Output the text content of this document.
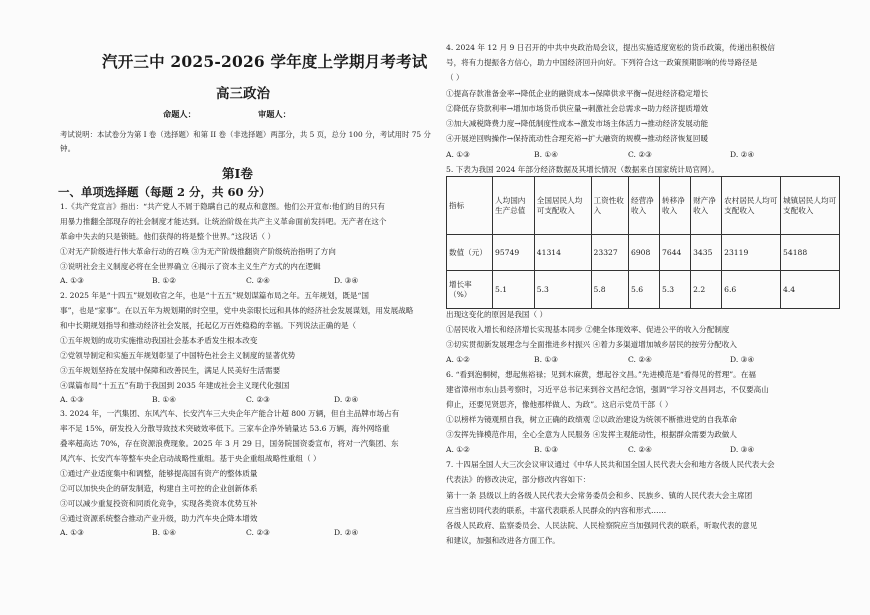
汽开三中 2025-2026 学年度上学期月考考试
高三政治
命题人：	审题人：
考试说明：本试卷分为第 I 卷（选择题）和第 II 卷（非选择题）两部分，共 5 页，总分 100 分，考试用时 75 分
钟。
第Ⅰ卷
一、单项选择题（每题 2 分，共 60 分）
1.《共产党宣言》指出：“共产党人不屑于隐瞒自己的观点和意图。他们公开宣布:他们的目的只有
用暴力推翻全部现存的社会制度才能达到。让统治阶级在共产主义革命面前发抖吧。无产者在这个
革命中失去的只是锁链。他们获得的将是整个世界。”这段话（ ）
①对无产阶级进行伟大革命行动的召唤 ③为无产阶级推翻资产阶级统治指明了方向
③说明社会主义制度必将在全世界确立 ④揭示了资本主义生产方式的内在逻辑
A. ①③	B. ①②	C. ②④	D. ③④
2. 2025 年是“十四五”规划收官之年，也是“十五五”规划谋篇布局之年。五年规划，既是“国
事”，也是“家事”。在以五年为规划期的时空里，党中央亲眼长远和具体的经济社会发展谋划，用发展战略
和中长期规划指导和推动经济社会发展，托起亿万百姓稳稳的幸福。下列说法正确的是（
①五年规划的成功实施推动我国社会基本矛盾发生根本改变
②党领导制定和实施五年规划彰显了中国特色社会主义制度的显著优势
③五年规划坚持在发展中保障和改善民生，满足人民美好生活需要
④谋篇布局“十五五”有助于我国到 2035 年建成社会主义现代化强国
A. ①③	B. ①④	C. ②③	D. ②④
3. 2024 年，一汽集团、东风汽车、长安汽车三大央企年产能合计超 800 万辆，但自主品牌市场占有
率不足 15%，研发投入分散导致技术突破效率低下。三家车企净外销量达 53.6 万辆，海外网络重
叠率超高达 70%，存在资源浪费现象。2025 年 3 月 29 日，国务院国资委宣布，将对一汽集团、东
风汽车、长安汽车等整车央企启动战略性重组。基于央企重组战略性重组（ ）
①通过产业适度集中和调整，能够提高国有资产的整体质量
②可以加快央企的研发制造，构建自主可控的企业创新体系
③可以减少重复投资和同质化竞争，实现各类资本优势互补
④通过资源系统整合推动产业升级，助力汽车央企降本增效
A. ①③	B. ①④	C. ②③	D. ②④
4. 2024 年 12 月 9 日召开的中共中央政治局会议，提出实施适度宽松的货币政策，传递出积极信
号，将有力提振各方信心，助力中国经济回升向好。下列符合这一政策预期影响的传导路径是
（ ）
①提高存款准备金率→降低企业的融资成本→保障供求平衡→促进经济稳定增长
②降低存贷款利率→增加市场货币供应量→刺激社会总需求→助力经济提质增效
③加大减税降费力度→降低制度性成本→激发市场主体活力→推动经济发展动能
④开展逆回购操作→保持流动性合理充裕→扩大融资的规模→推动经济恢复回暖
A. ①③	B. ①④	C. ②③	D. ②④
5. 下表为我国 2024 年部分经济数据及其增长情况（数据来自国家统计局官网）。
指标	人均国内生产总值	全国居民人均可支配收入	工资性收入	经营净收入	转移净收入	财产净收入	农村居民人均可支配收入	城镇居民人均可支配收入
数值（元）	95749	41314	23327	6908	7644	3435	23119	54188
增长率（%）	5.1	5.3	5.8	5.6	5.3	2.2	6.6	4.4
出现这变化的原因是我国（ ）
①居民收入增长和经济增长实现基本同步 ②健全体现效率、促进公平的收入分配制度
③切实贯彻新发展理念与全面推进乡村振兴 ④着力多渠道增加城乡居民的按劳分配收入
A. ①②	B. ①③	C. ②④	D. ③④
6. “看到泡桐树，想起焦裕禄；见到木麻黄，想起谷文昌。”先进模范是“看得见的哲理”。在福
建省漳州市东山县考察时，习近平总书记来到谷文昌纪念馆，强调“学习谷文昌同志，不仅要高山
仰止，还要见贤思齐，像他那样做人、为政”。这启示党员干部（ ）
①以榜样为镜观照自我，树立正确的政绩观 ②以政治建设为统领不断推进党的自我革命
③发挥先锋模范作用，全心全意为人民服务 ④发挥主观能动性，根据群众需要为政做人
A. ①②	B. ①③	C. ②④	D. ③④
7. 十四届全国人大三次会议审议通过《中华人民共和国全国人民代表大会和地方各级人民代表大会
代表法》的修改决定，部分修改内容如下：
第十一条 县级以上的各级人民代表大会常务委员会和乡、民族乡、镇的人民代表大会主席团
应当密切同代表的联系，丰富代表联系人民群众的内容和形式……
各级人民政府、监察委员会、人民法院、人民检察院应当加强同代表的联系，听取代表的意见
和建议，加强和改进各方面工作。
